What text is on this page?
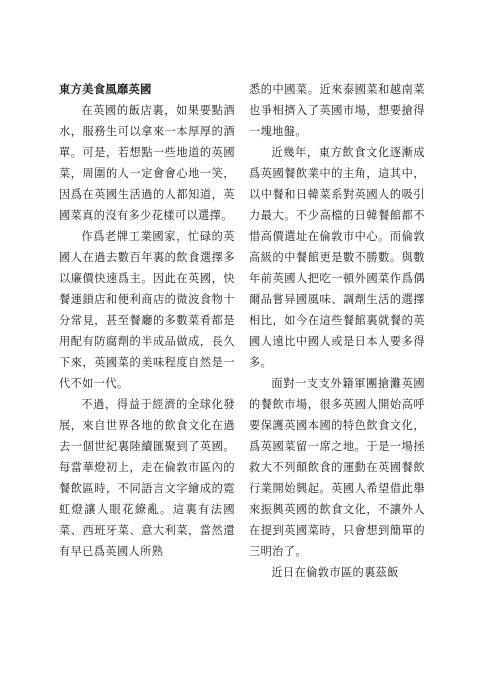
東方美食風靡英國

在英國的飯店裏，如果要點酒水，服務生可以拿來一本厚厚的酒單。可是，若想點一些地道的英國菜，周圍的人一定會會心地一笑，因爲在英國生活過的人都知道，英國菜真的沒有多少花樣可以選擇。

作爲老牌工業國家，忙碌的英國人在過去數百年裏的飲食選擇多以廉價快速爲主。因此在英國，快餐連鎖店和便利商店的微波食物十分常見，甚至餐廳的多數菜肴都是用配有防腐劑的半成品做成，長久下來，英國菜的美味程度自然是一代不如一代。

不過，得益于經濟的全球化發展，來自世界各地的飲食文化在過去一個世紀裏陸續匯聚到了英國。每當華燈初上，走在倫敦市區內的餐飲區時，不同語言文字繪成的霓虹燈讓人眼花繚亂。這裏有法國菜、西班牙菜、意大利菜，當然還有早已爲英國人所熟

悉的中國菜。近來泰國菜和越南菜也爭相擠入了英國市場，想要搶得一塊地盤。

近幾年，東方飲食文化逐漸成爲英國餐飲業中的主角，這其中，以中餐和日韓菜系對英國人的吸引力最大。不少高檔的日韓餐館都不惜高價選址在倫敦市中心。而倫敦高級的中餐館更是數不勝數。與數年前英國人把吃一頓外國菜作爲偶爾品嘗异國風味、調劑生活的選擇相比，如今在這些餐館裏就餐的英國人遠比中國人或是日本人要多得多。

面對一支支外籍軍團搶灘英國的餐飲市場，很多英國人開始高呼要保護英國本國的特色飲食文化，爲英國菜留一席之地。于是一場拯救大不列顛飲食的運動在英國餐飲行業開始興起。英國人希望借此舉來振興英國的飲食文化，不讓外人在提到英國菜時，只會想到簡單的三明治了。

近日在倫敦市區的裏茲飯
